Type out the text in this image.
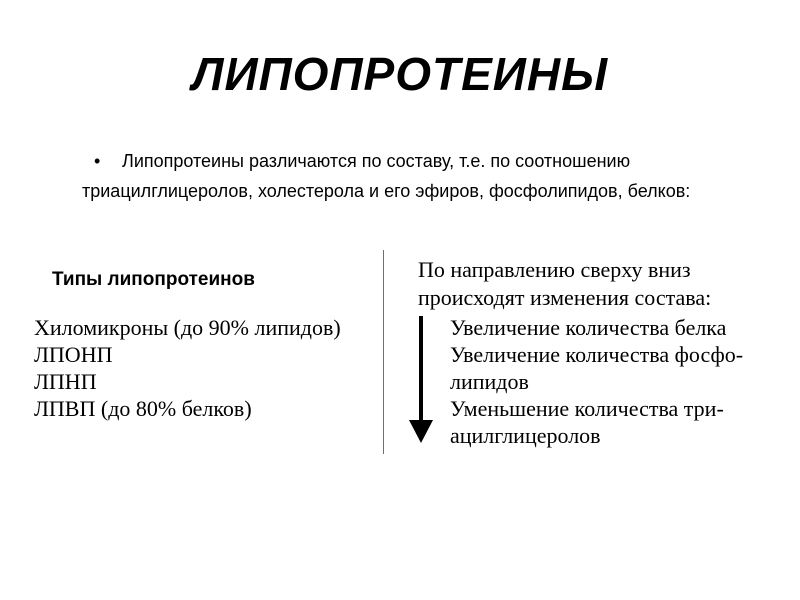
ЛИПОПРОТЕИНЫ
• Липопротеины различаются по составу, т.е. по соотношению
триацилглицеролов, холестерола и его эфиров, фосфолипидов, белков:
Типы липопротеинов
Хиломикроны (до 90% липидов)
ЛПОНП
ЛПНП
ЛПВП (до 80% белков)
По направлению сверху вниз
происходят изменения состава:
Увеличение количества белка
Увеличение количества фосфо-
липидов
Уменьшение количества три-
ацилглицеролов
